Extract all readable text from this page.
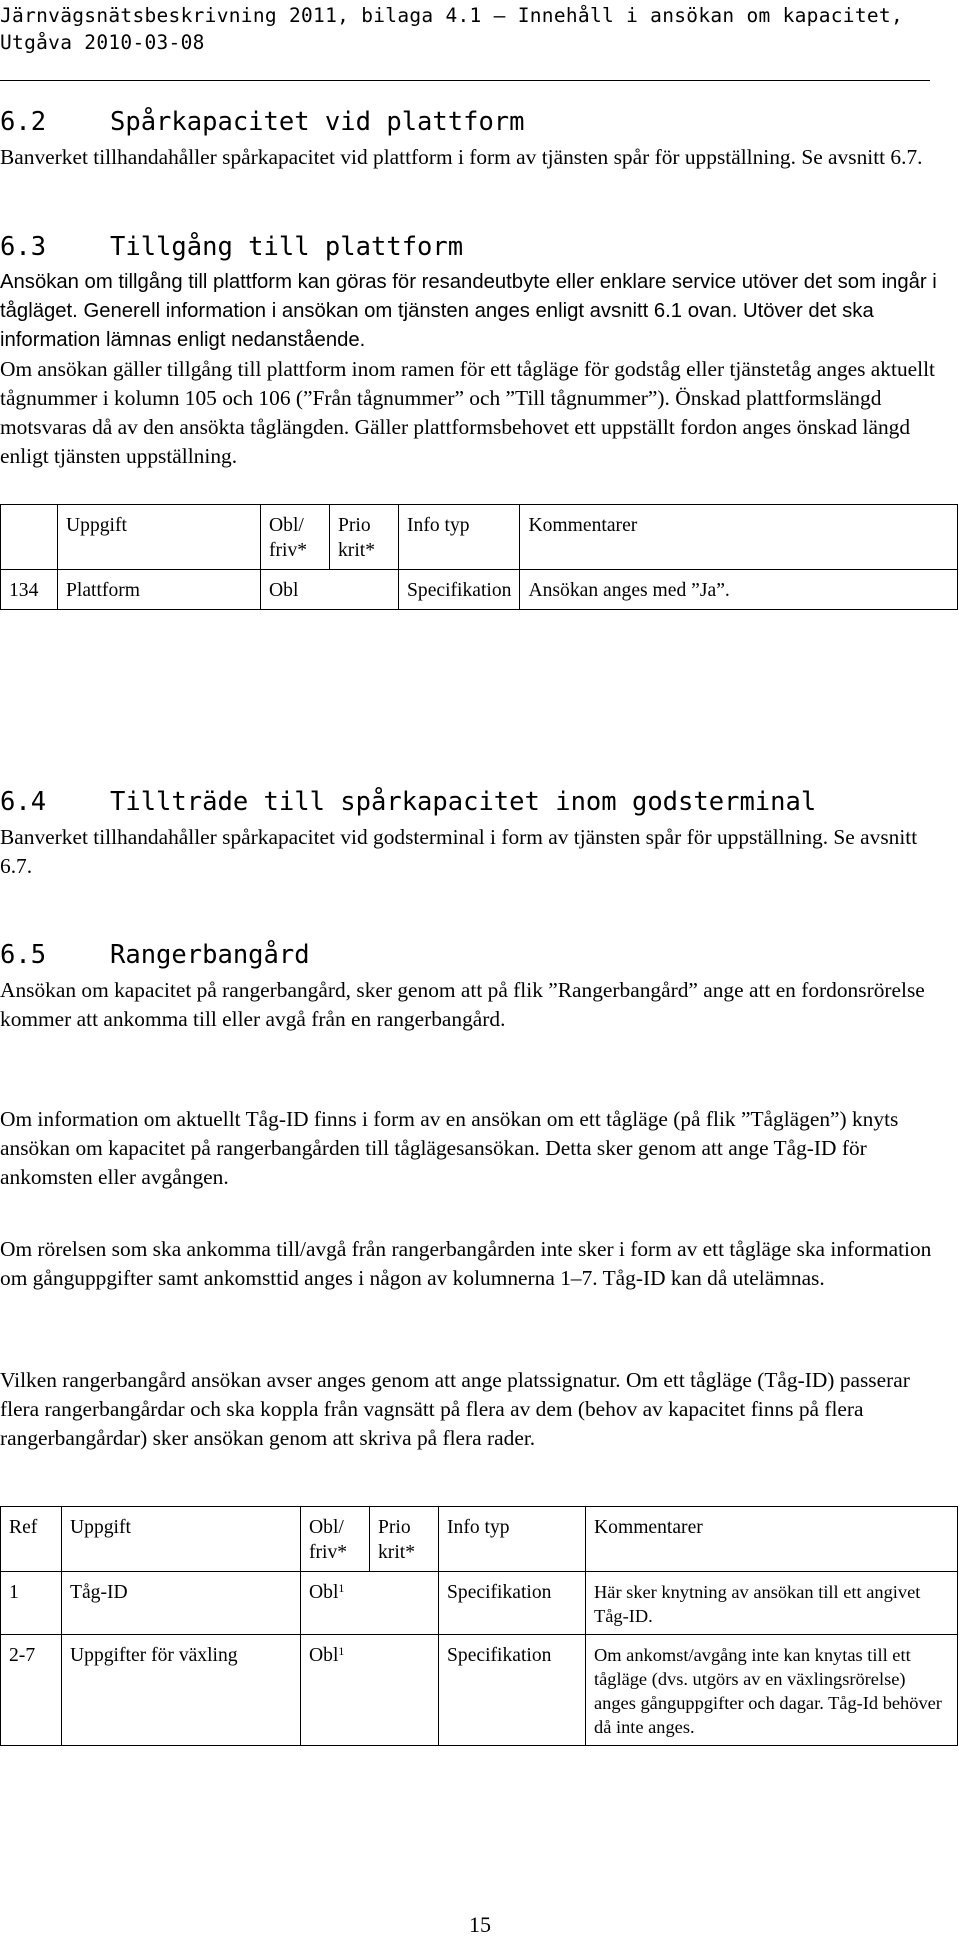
Järnvägsnätsbeskrivning 2011, bilaga 4.1 – Innehåll i ansökan om kapacitet,
Utgåva 2010-03-08
6.2	Spårkapacitet vid plattform

Banverket tillhandahåller spårkapacitet vid plattform i form av tjänsten spår för uppställning. Se avsnitt 6.7.

6.3	Tillgång till plattform

Ansökan om tillgång till plattform kan göras för resandeutbyte eller enklare service utöver det som ingår i tågläget. Generell information i ansökan om tjänsten anges enligt avsnitt 6.1 ovan. Utöver det ska information lämnas enligt nedanstående.

Om ansökan gäller tillgång till plattform inom ramen för ett tågläge för godståg eller tjänstetåg anges aktuellt tågnummer i kolumn 105 och 106 (”Från tågnummer” och ”Till tågnummer”). Önskad plattformslängd motsvaras då av den ansökta tåglängden. Gäller plattformsbehovet ett uppställt fordon anges önskad längd enligt tjänsten uppställning.

	Uppgift	Obl/ friv*	Prio krit*	Info typ	Kommentarer
134	Plattform	Obl		Specifikation	Ansökan anges med ”Ja”.
6.4	Tillträde till spårkapacitet inom godsterminal

Banverket tillhandahåller spårkapacitet vid godsterminal i form av tjänsten spår för uppställning. Se avsnitt 6.7.

6.5	Rangerbangård

Ansökan om kapacitet på rangerbangård, sker genom att på flik ”Rangerbangård” ange att en fordonsrörelse kommer att ankomma till eller avgå från en rangerbangård.

Om information om aktuellt Tåg-ID finns i form av en ansökan om ett tågläge (på flik ”Tåglägen”) knyts ansökan om kapacitet på rangerbangården till tåglägesansökan. Detta sker genom att ange Tåg-ID för ankomsten eller avgången.

Om rörelsen som ska ankomma till/avgå från rangerbangården inte sker i form av ett tågläge ska information om gånguppgifter samt ankomsttid anges i någon av kolumnerna 1–7. Tåg-ID kan då utelämnas.

Vilken rangerbangård ansökan avser anges genom att ange platssignatur. Om ett tågläge (Tåg-ID) passerar flera rangerbangårdar och ska koppla från vagnsätt på flera av dem (behov av kapacitet finns på flera rangerbangårdar) sker ansökan genom att skriva på flera rader.

Ref	Uppgift	Obl/ friv*	Prio krit*	Info typ	Kommentarer
1	Tåg-ID	Obl$^1$		Specifikation	Här sker knytning av ansökan till ett angivet Tåg-ID.
2-7	Uppgifter för växling	Obl$^1$		Specifikation	Om ankomst/avgång inte kan knytas till ett tågläge (dvs. utgörs av en växlingsrörelse) anges gånguppgifter och dagar. Tåg-Id behöver då inte anges.
15
